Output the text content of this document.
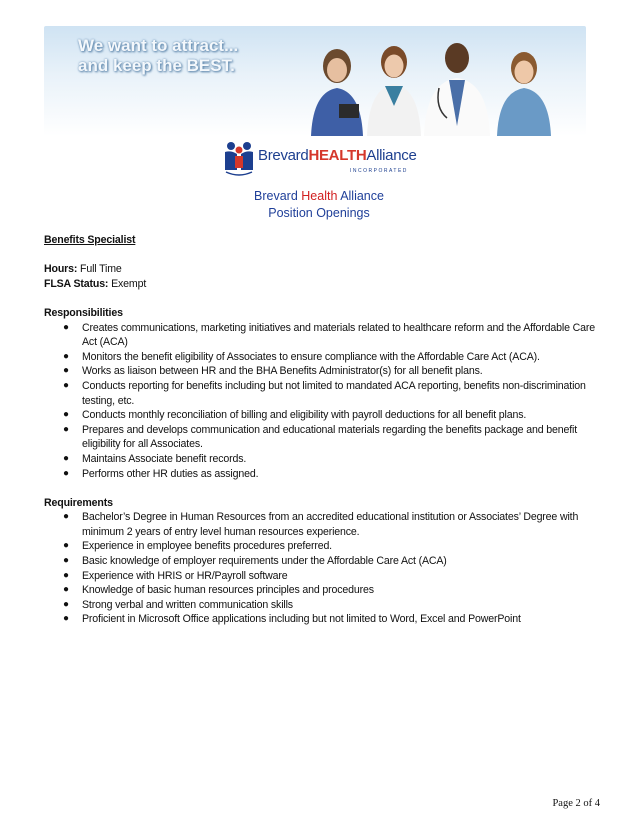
We want to attract...
and keep the BEST.
BrevardHEALTHAlliance
INCORPORATED
Brevard Health Alliance
Position Openings

Benefits Specialist

Hours: Full Time
FLSA Status: Exempt

Responsibilities

● Creates communications, marketing initiatives and materials related to healthcare reform and the Affordable Care Act (ACA)
● Monitors the benefit eligibility of Associates to ensure compliance with the Affordable Care Act (ACA).
● Works as liaison between HR and the BHA Benefits Administrator(s) for all benefit plans.
● Conducts reporting for benefits including but not limited to mandated ACA reporting, benefits non-discrimination testing, etc.
● Conducts monthly reconciliation of billing and eligibility with payroll deductions for all benefit plans.
● Prepares and develops communication and educational materials regarding the benefits package and benefit eligibility for all Associates.
● Maintains Associate benefit records.
● Performs other HR duties as assigned.

Requirements

● Bachelor’s Degree in Human Resources from an accredited educational institution or Associates’ Degree with minimum 2 years of entry level human resources experience.
● Experience in employee benefits procedures preferred.
● Basic knowledge of employer requirements under the Affordable Care Act (ACA)
● Experience with HRIS or HR/Payroll software
● Knowledge of basic human resources principles and procedures
● Strong verbal and written communication skills
● Proficient in Microsoft Office applications including but not limited to Word, Excel and PowerPoint
Page 2 of 4
